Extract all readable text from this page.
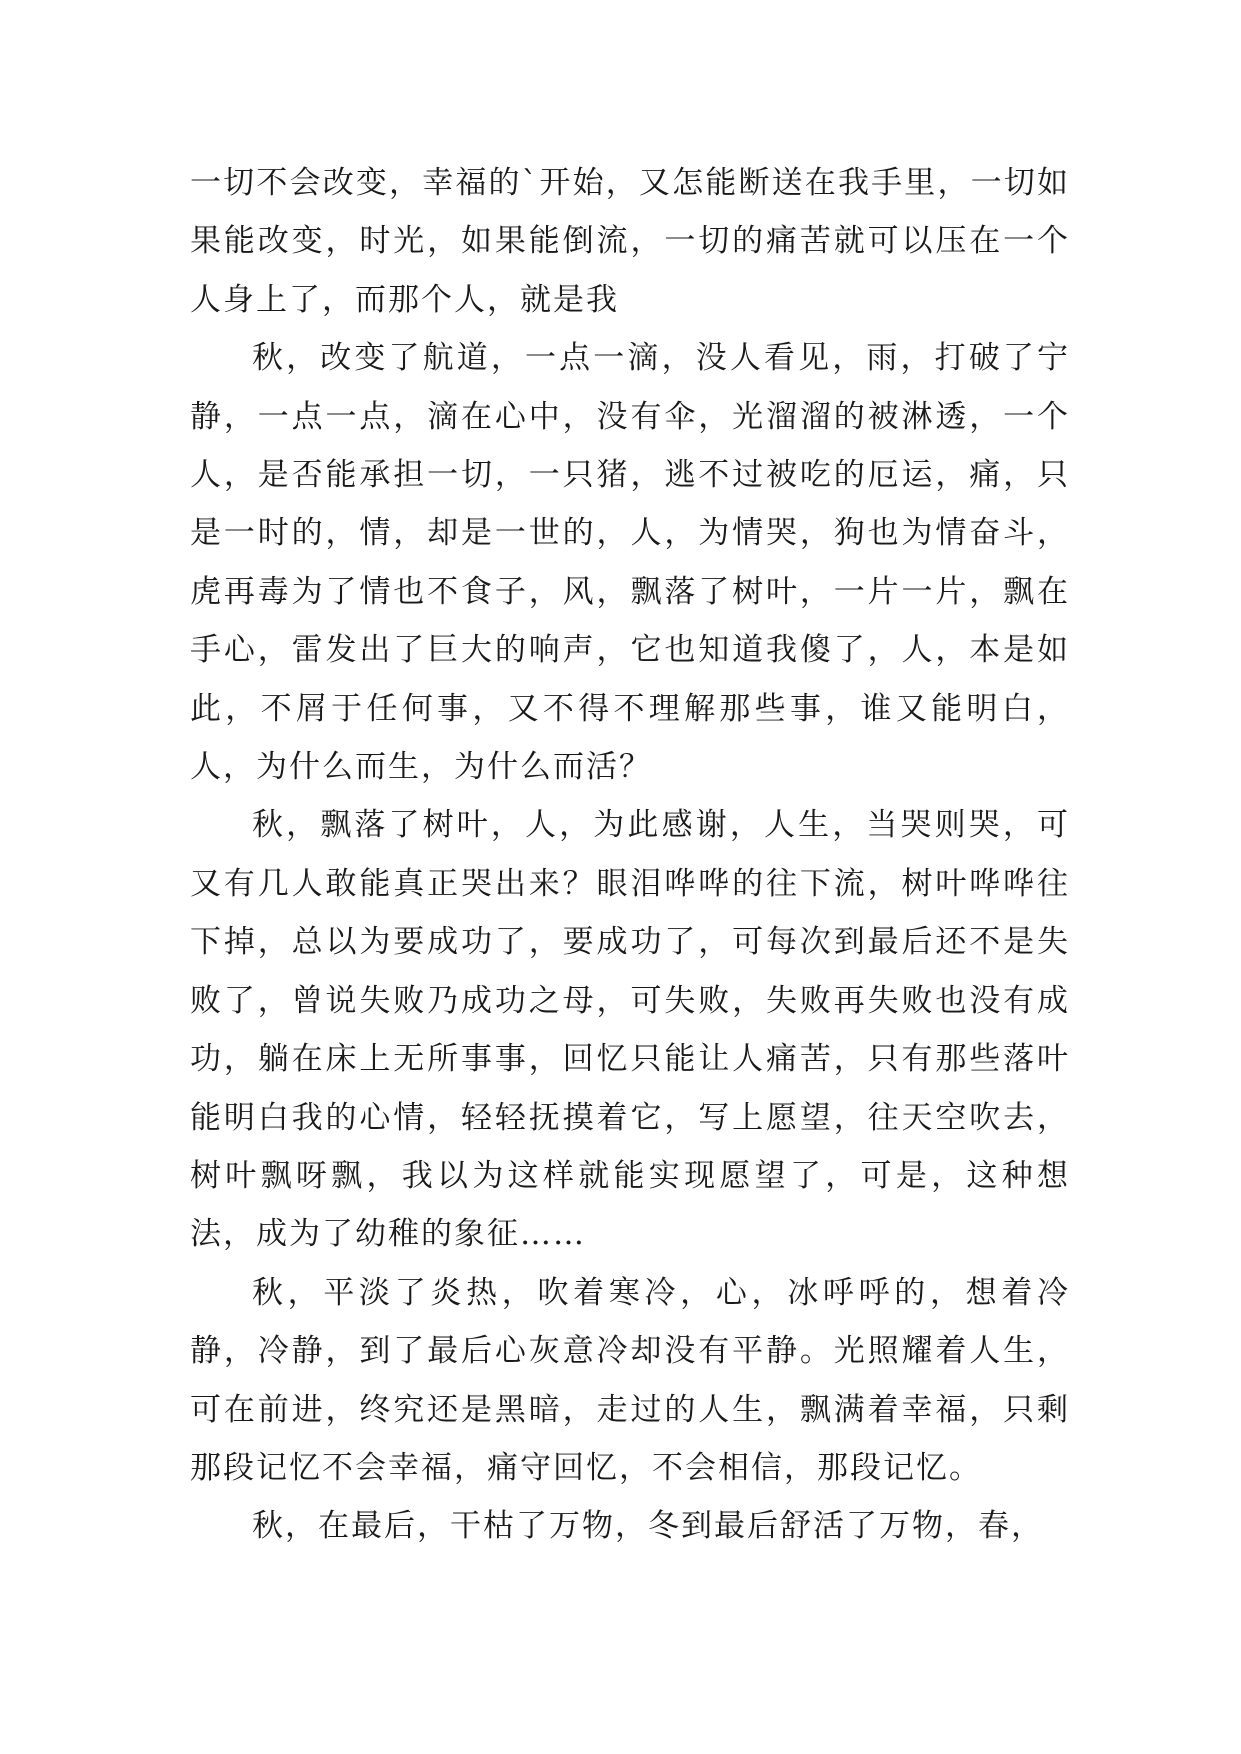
一切不会改变，幸福的`开始，又怎能断送在我手里，一切如果能改变，时光，如果能倒流，一切的痛苦就可以压在一个人身上了，而那个人，就是我

秋，改变了航道，一点一滴，没人看见，雨，打破了宁静，一点一点，滴在心中，没有伞，光溜溜的被淋透，一个人，是否能承担一切，一只猪，逃不过被吃的厄运，痛，只是一时的，情，却是一世的，人，为情哭，狗也为情奋斗，虎再毒为了情也不食子，风，飘落了树叶，一片一片，飘在手心，雷发出了巨大的响声，它也知道我傻了，人，本是如此，不屑于任何事，又不得不理解那些事，谁又能明白，人，为什么而生，为什么而活？

秋，飘落了树叶，人，为此感谢，人生，当哭则哭，可又有几人敢能真正哭出来？眼泪哗哗的往下流，树叶哗哗往下掉，总以为要成功了，要成功了，可每次到最后还不是失败了，曾说失败乃成功之母，可失败，失败再失败也没有成功，躺在床上无所事事，回忆只能让人痛苦，只有那些落叶能明白我的心情，轻轻抚摸着它，写上愿望，往天空吹去，树叶飘呀飘，我以为这样就能实现愿望了，可是，这种想法，成为了幼稚的象征……

秋，平淡了炎热，吹着寒冷，心，冰呼呼的，想着冷静，冷静，到了最后心灰意冷却没有平静。光照耀着人生，可在前进，终究还是黑暗，走过的人生，飘满着幸福，只剩那段记忆不会幸福，痛守回忆，不会相信，那段记忆。

秋，在最后，干枯了万物，冬到最后舒活了万物，春，
